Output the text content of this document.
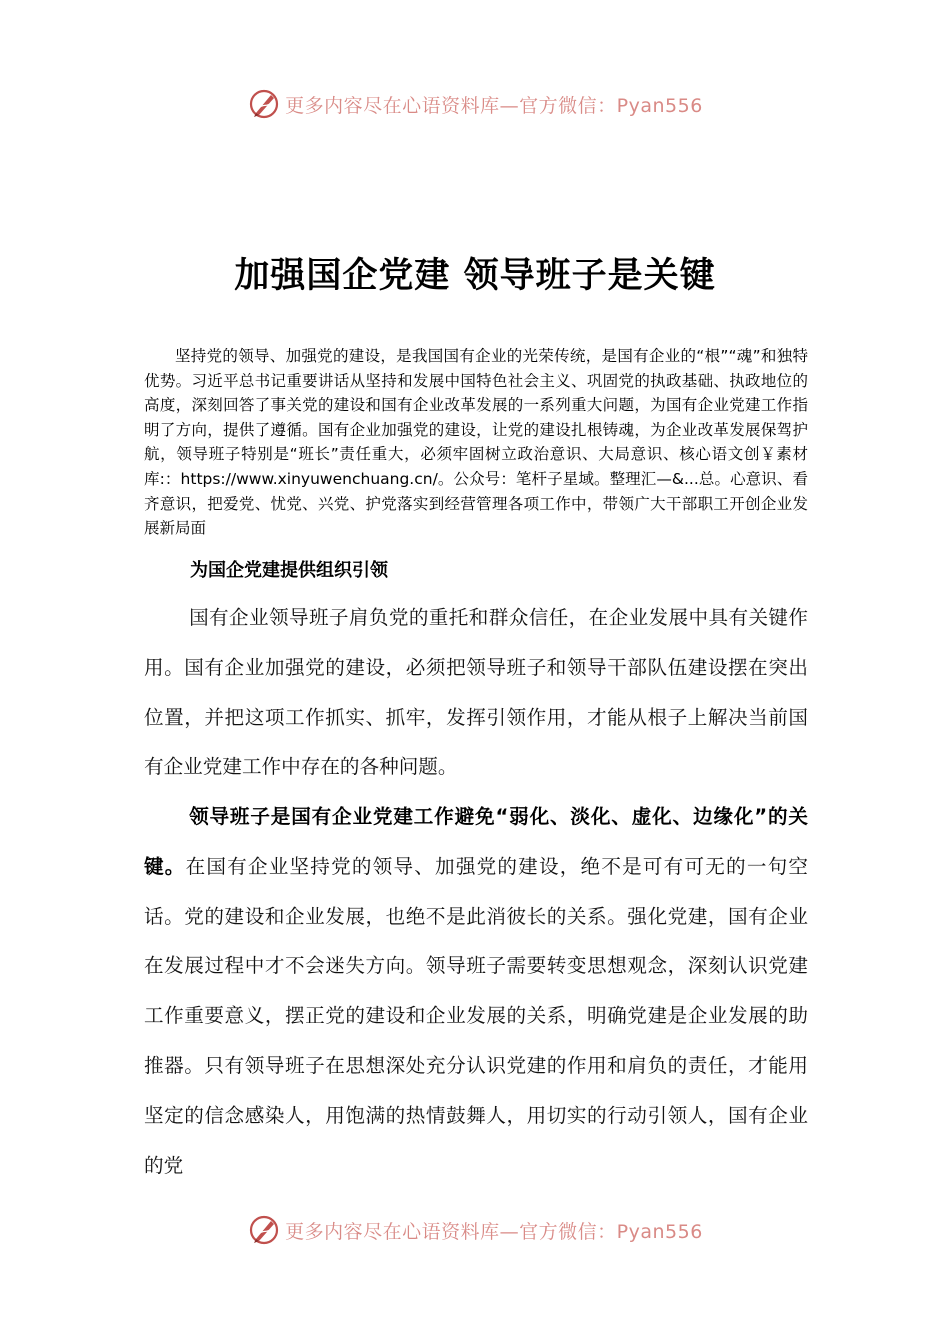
更多内容尽在心语资料库—官方微信：Pyan556
加强国企党建 领导班子是关键

坚持党的领导、加强党的建设，是我国国有企业的光荣传统，是国有企业的“根”“魂”和独特优势。习近平总书记重要讲话从坚持和发展中国特色社会主义、巩固党的执政基础、执政地位的高度，深刻回答了事关党的建设和国有企业改革发展的一系列重大问题，为国有企业党建工作指明了方向，提供了遵循。国有企业加强党的建设，让党的建设扎根铸魂，为企业改革发展保驾护航，领导班子特别是“班长”责任重大，必须牢固树立政治意识、大局意识、核心语文创￥素材库:：https://www.xinyuwenchuang.cn/。公众号：笔杆子星域。整理汇—&...总。心意识、看齐意识，把爱党、忧党、兴党、护党落实到经营管理各项工作中，带领广大干部职工开创企业发展新局面

为国企党建提供组织引领

国有企业领导班子肩负党的重托和群众信任，在企业发展中具有关键作用。国有企业加强党的建设，必须把领导班子和领导干部队伍建设摆在突出位置，并把这项工作抓实、抓牢，发挥引领作用，才能从根子上解决当前国有企业党建工作中存在的各种问题。

领导班子是国有企业党建工作避免“弱化、淡化、虚化、边缘化”的关键。在国有企业坚持党的领导、加强党的建设，绝不是可有可无的一句空话。党的建设和企业发展，也绝不是此消彼长的关系。强化党建，国有企业在发展过程中才不会迷失方向。领导班子需要转变思想观念，深刻认识党建工作重要意义，摆正党的建设和企业发展的关系，明确党建是企业发展的助推器。只有领导班子在思想深处充分认识党建的作用和肩负的责任，才能用坚定的信念感染人，用饱满的热情鼓舞人，用切实的行动引领人，国有企业的党

更多内容尽在心语资料库—官方微信：Pyan556
